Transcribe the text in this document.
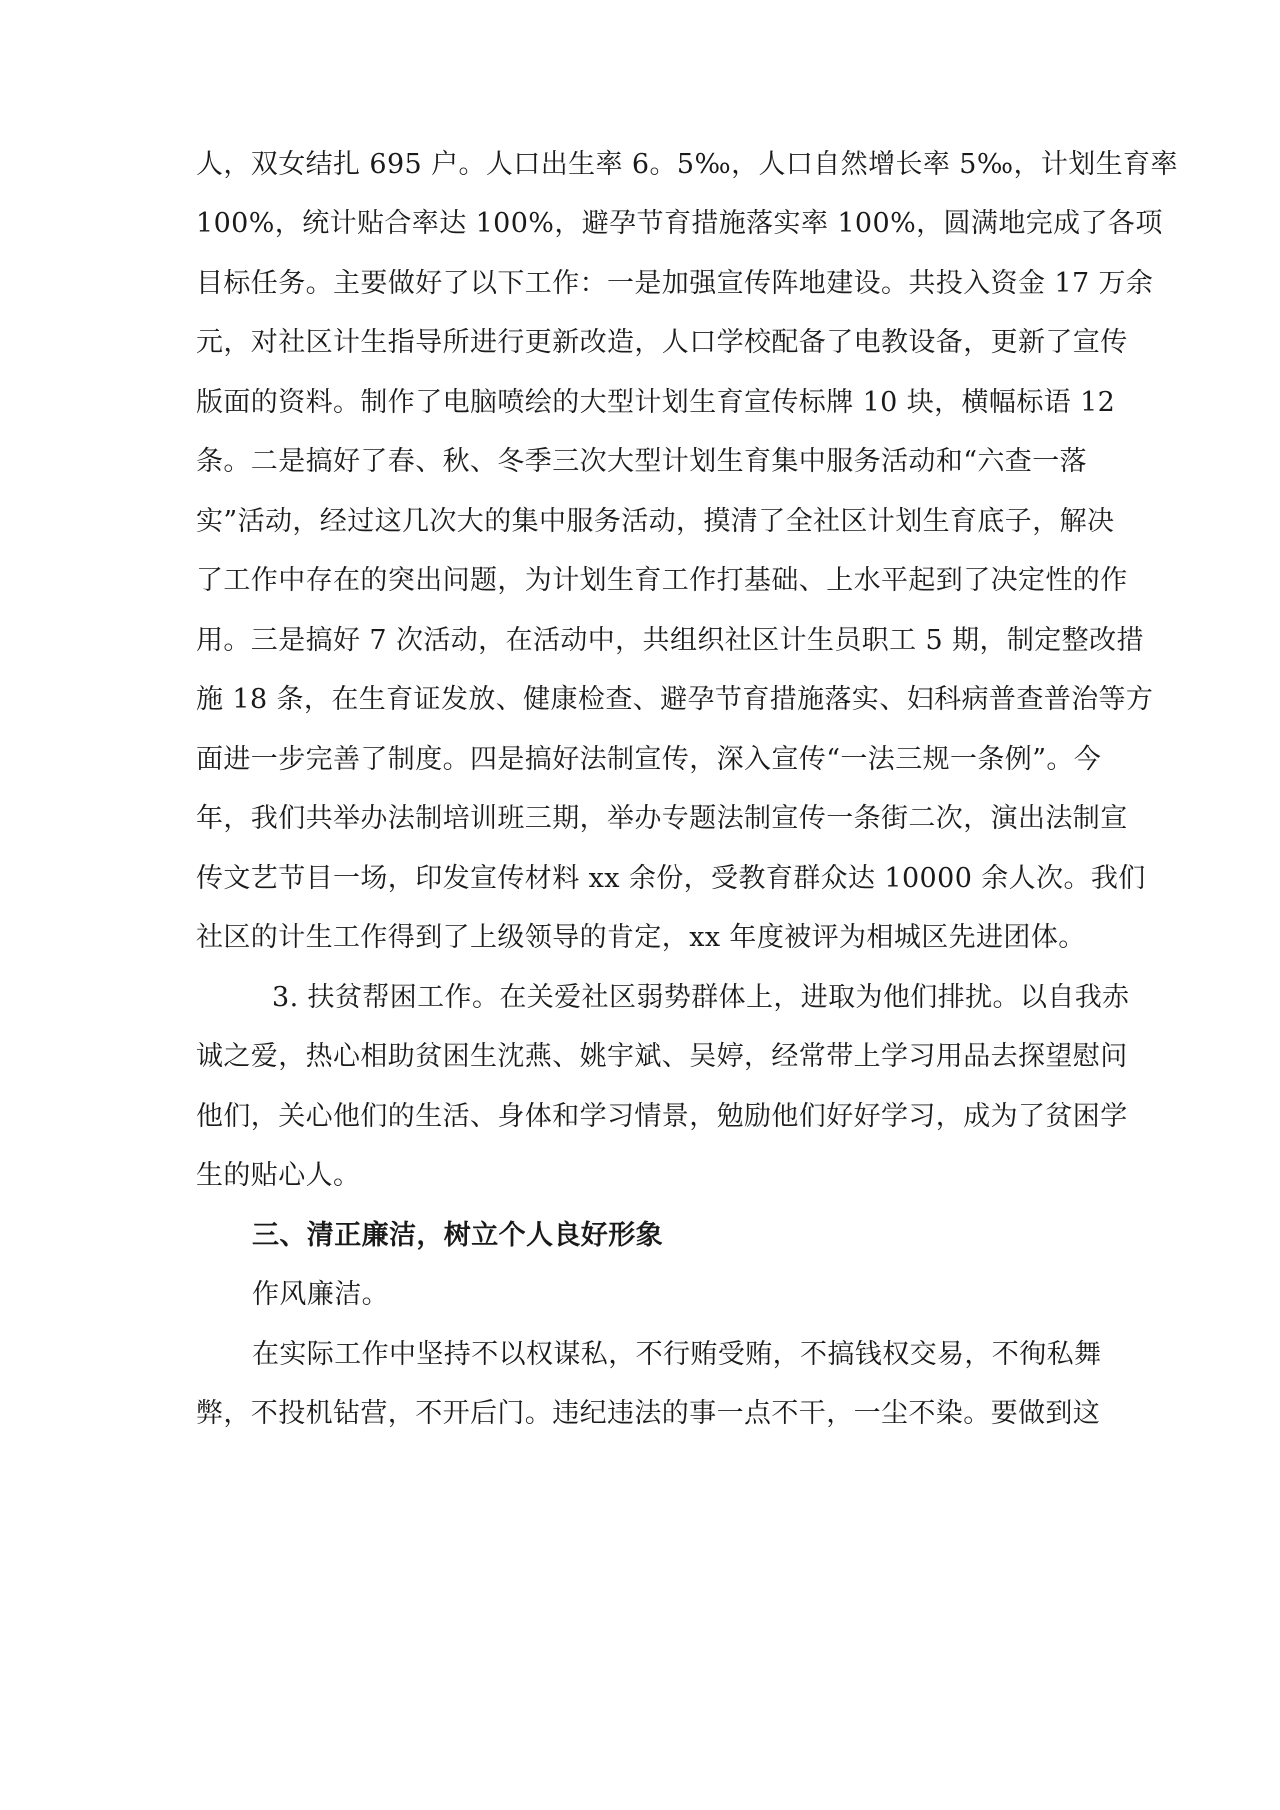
人，双女结扎 695 户。人口出生率 6。5‰，人口自然增长率 5‰，计划生育率
100%，统计贴合率达 100%，避孕节育措施落实率 100%，圆满地完成了各项
目标任务。主要做好了以下工作：一是加强宣传阵地建设。共投入资金 17 万余
元，对社区计生指导所进行更新改造，人口学校配备了电教设备，更新了宣传
版面的资料。制作了电脑喷绘的大型计划生育宣传标牌 10 块，横幅标语 12
条。二是搞好了春、秋、冬季三次大型计划生育集中服务活动和“六查一落
实”活动，经过这几次大的集中服务活动，摸清了全社区计划生育底子，解决
了工作中存在的突出问题，为计划生育工作打基础、上水平起到了决定性的作
用。三是搞好 7 次活动，在活动中，共组织社区计生员职工 5 期，制定整改措
施 18 条，在生育证发放、健康检查、避孕节育措施落实、妇科病普查普治等方
面进一步完善了制度。四是搞好法制宣传，深入宣传“一法三规一条例”。今
年，我们共举办法制培训班三期，举办专题法制宣传一条街二次，演出法制宣
传文艺节目一场，印发宣传材料 xx 余份，受教育群众达 10000 余人次。我们
社区的计生工作得到了上级领导的肯定，xx 年度被评为相城区先进团体。
3. 扶贫帮困工作。在关爱社区弱势群体上，进取为他们排扰。以自我赤
诚之爱，热心相助贫困生沈燕、姚宇斌、吴婷，经常带上学习用品去探望慰问
他们，关心他们的生活、身体和学习情景，勉励他们好好学习，成为了贫困学
生的贴心人。
三、清正廉洁，树立个人良好形象
作风廉洁。
在实际工作中坚持不以权谋私，不行贿受贿，不搞钱权交易，不徇私舞
弊，不投机钻营，不开后门。违纪违法的事一点不干，一尘不染。要做到这
